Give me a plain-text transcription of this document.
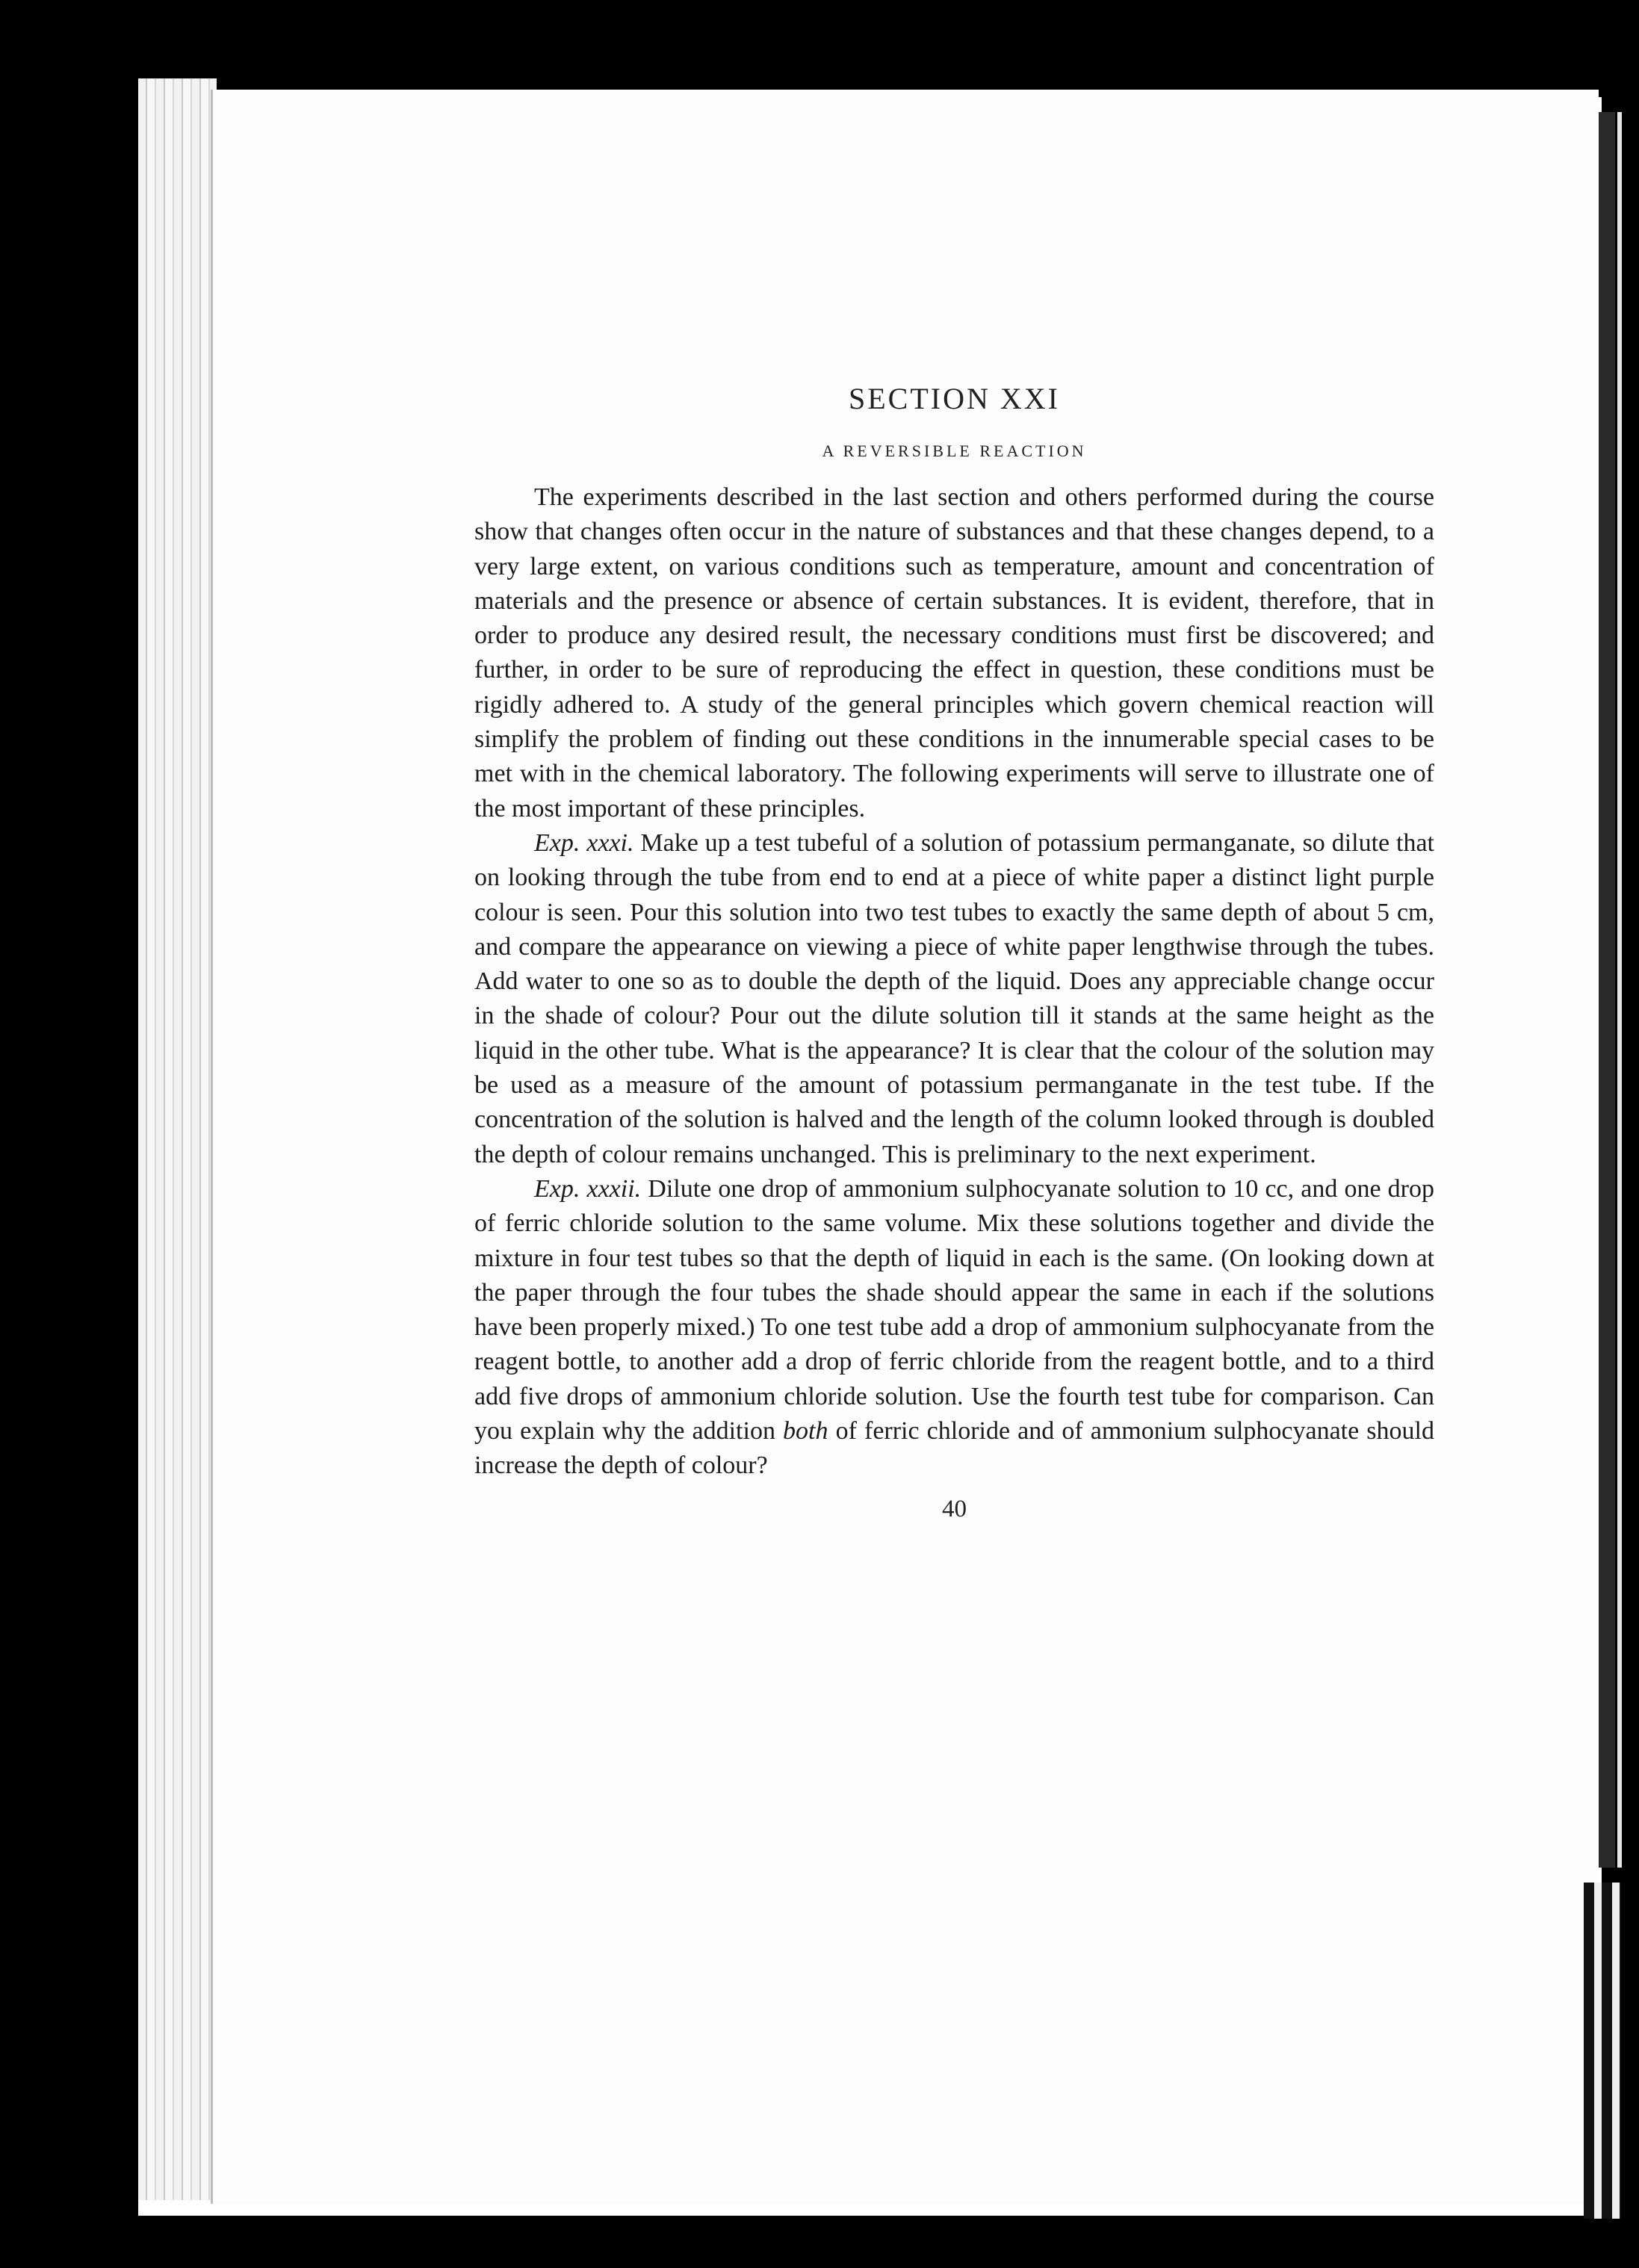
SECTION XXI
A REVERSIBLE REACTION

The experiments described in the last section and others performed during the course show that changes often occur in the nature of substances and that these changes depend, to a very large extent, on various conditions such as temperature, amount and concentration of materials and the presence or absence of certain substances. It is evident, therefore, that in order to produce any desired result, the necessary conditions must first be discovered; and further, in order to be sure of reproducing the effect in question, these conditions must be rigidly adhered to. A study of the general principles which govern chemical reaction will simplify the problem of finding out these conditions in the innumerable special cases to be met with in the chemical laboratory. The following experiments will serve to illustrate one of the most important of these principles.

Exp. xxxi. Make up a test tubeful of a solution of potassium permanganate, so dilute that on looking through the tube from end to end at a piece of white paper a distinct light purple colour is seen. Pour this solution into two test tubes to exactly the same depth of about 5 cm, and compare the appearance on viewing a piece of white paper lengthwise through the tubes. Add water to one so as to double the depth of the liquid. Does any appreciable change occur in the shade of colour? Pour out the dilute solution till it stands at the same height as the liquid in the other tube. What is the appearance? It is clear that the colour of the solution may be used as a measure of the amount of potassium permanganate in the test tube. If the concentration of the solution is halved and the length of the column looked through is doubled the depth of colour remains unchanged. This is preliminary to the next experiment.

Exp. xxxii. Dilute one drop of ammonium sulphocyanate solution to 10 cc, and one drop of ferric chloride solution to the same volume. Mix these solutions together and divide the mixture in four test tubes so that the depth of liquid in each is the same. (On looking down at the paper through the four tubes the shade should appear the same in each if the solutions have been properly mixed.) To one test tube add a drop of ammonium sulphocyanate from the reagent bottle, to another add a drop of ferric chloride from the reagent bottle, and to a third add five drops of ammonium chloride solution. Use the fourth test tube for comparison. Can you explain why the addition both of ferric chloride and of ammonium sulphocyanate should increase the depth of colour?

40
